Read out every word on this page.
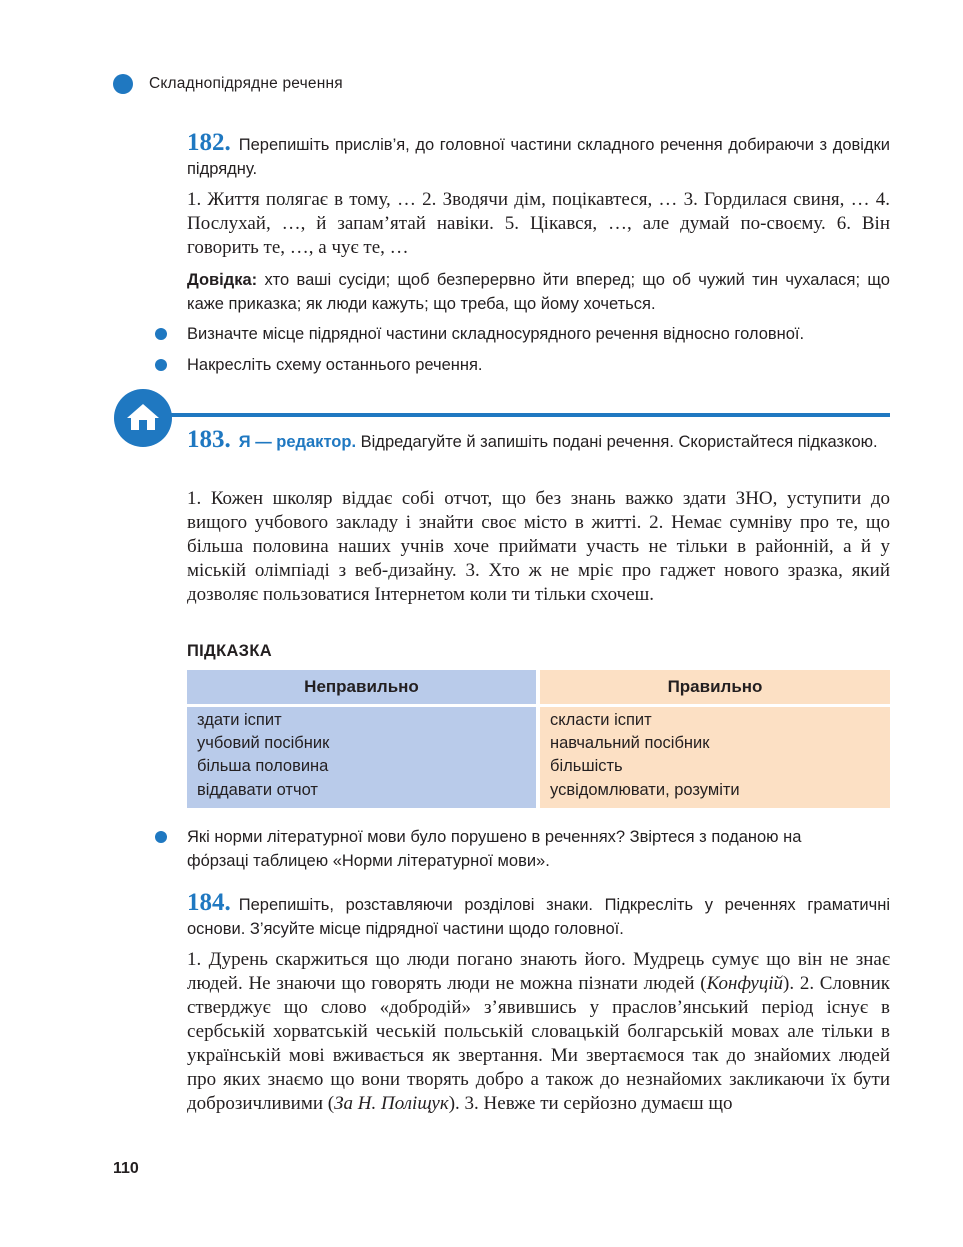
Складнопідрядне речення
182. Перепишіть прислів’я, до головної частини складного речення добираючи з довідки підрядну.
1. Життя полягає в тому, … 2. Зводячи дім, поцікавтеся, … 3. Гордилася свиня, … 4. Послухай, …, й запам’ятай навіки. 5. Цікався, …, але думай по-своєму. 6. Він говорить те, …, а чує те, …
Довідка: хто ваші сусіди; щоб безперервно йти вперед; що об чужий тин чухалася; що каже приказка; як люди кажуть; що треба, що йому хочеться.
Визначте місце підрядної частини складносурядного речення відносно головної.
Накресліть схему останнього речення.
183. Я — редактор. Відредагуйте й запишіть подані речення. Скористайтеся підказкою.
1. Кожен школяр віддає собі отчот, що без знань важко здати ЗНО, уступити до вищого учбового закладу і знайти своє місто в житті. 2. Немає сумніву про те, що більша половина наших учнів хоче приймати участь не тільки в районній, а й у міській олімпіаді з веб-дизайну. 3. Хто ж не мріє про гаджет нового зразка, який дозволяє пользоватися Інтернетом коли ти тільки схочеш.
ПІДКАЗКА
Неправильно	Правильно
здати іспит
учбовий посібник
більша половина
віддавати отчот
скласти іспит
навчальний посібник
більшість
усвідомлювати, розуміти
Які норми літературної мови було порушено в реченнях? Звіртеся з поданою на
фо́рзаці таблицею «Норми літературної мови».
184. Перепишіть, розставляючи розділові знаки. Підкресліть у реченнях граматичні основи. З’ясуйте місце підрядної частини щодо головної.
1. Дурень скаржиться що люди погано знають його. Мудрець сумує що він не знає людей. Не знаючи що говорять люди не можна пізнати людей (Конфуцій). 2. Словник стверджує що слово «добродій» з’явившись у праслов’янський період існує в сербській хорватській чеській польській словацькій болгарській мовах але тільки в українській мові вживається як звертання. Ми звертаємося так до знайомих людей про яких знаємо що вони творять добро а також до незнайомих закликаючи їх бути доброзичливими (За Н. Поліщук). 3. Невже ти серйозно думаєш що
110
